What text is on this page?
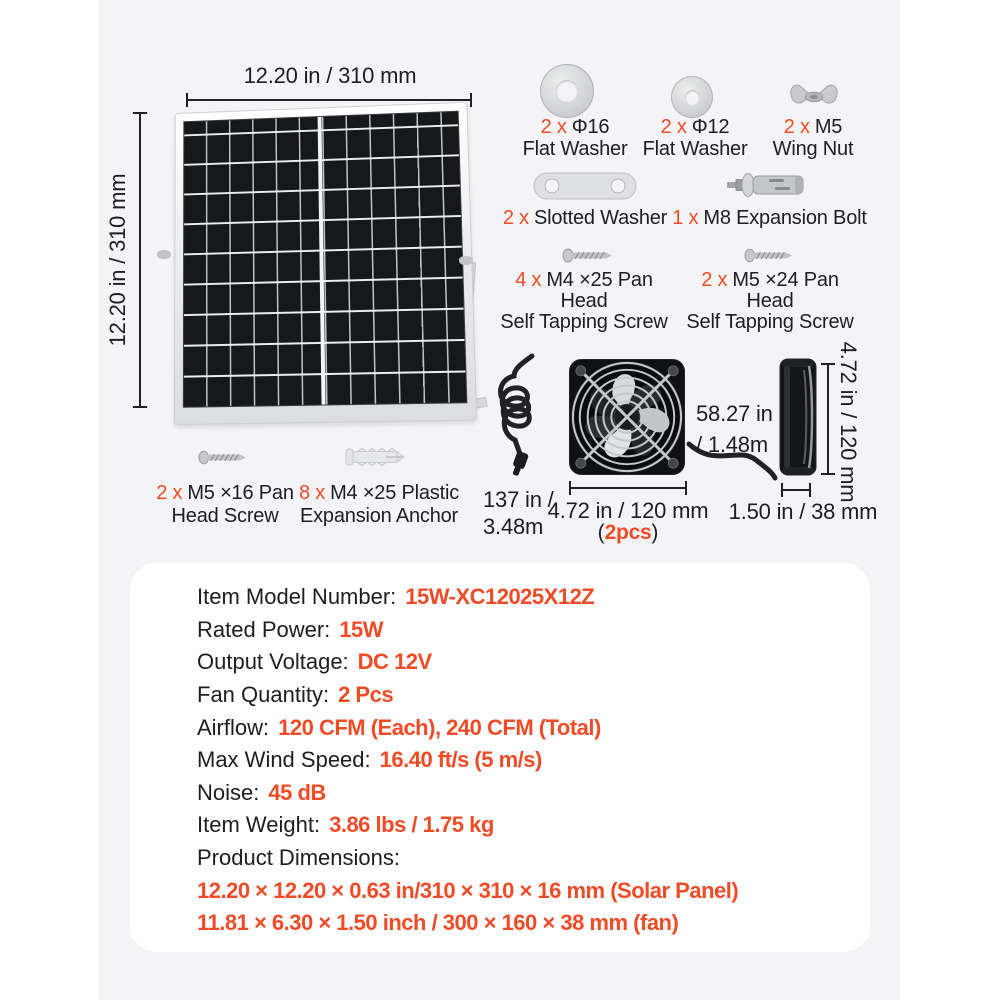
12.20 in / 310 mm
12.20 in / 310 mm
2 x Φ16
Flat Washer
2 x Φ12
Flat Washer
2 x M5
Wing Nut
2 x Slotted Washer 1 x M8 Expansion Bolt
4 x M4 ×25 Pan Head
Self Tapping Screw
2 x M5 ×24 Pan Head
Self Tapping Screw
137 in /
3.48m
4.72 in / 120 mm
(2pcs)
58.27 in
/ 1.48m	4.72 in / 120 mm
1.50 in / 38 mm
2 x M5 ×16 Pan
Head Screw
8 x M4 ×25 Plastic
Expansion Anchor
Item Model Number: 15W-XC12025X12Z
Rated Power: 15W
Output Voltage: DC 12V
Fan Quantity: 2 Pcs
Airflow: 120 CFM (Each), 240 CFM (Total)
Max Wind Speed: 16.40 ft/s (5 m/s)
Noise: 45 dB
Item Weight: 3.86 lbs / 1.75 kg
Product Dimensions:
12.20 × 12.20 × 0.63 in/310 × 310 × 16 mm (Solar Panel)
11.81 × 6.30 × 1.50 inch / 300 × 160 × 38 mm (fan)
